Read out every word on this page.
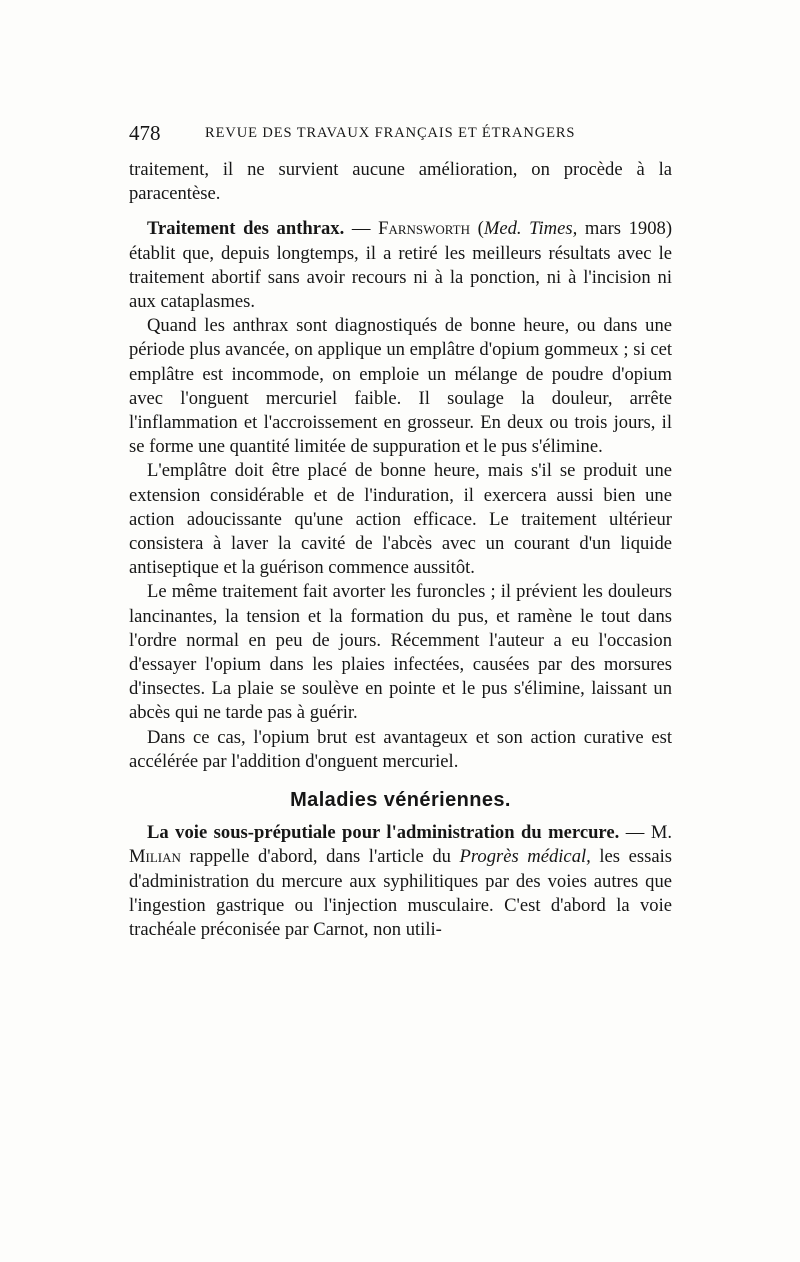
478	REVUE DES TRAVAUX FRANÇAIS ET ÉTRANGERS

traitement, il ne survient aucune amélioration, on procède à la paracentèse.

Traitement des anthrax. — Farnsworth (Med. Times, mars 1908) établit que, depuis longtemps, il a retiré les meilleurs résultats avec le traitement abortif sans avoir recours ni à la ponction, ni à l'incision ni aux cataplasmes.

Quand les anthrax sont diagnostiqués de bonne heure, ou dans une période plus avancée, on applique un emplâtre d'opium gommeux ; si cet emplâtre est incommode, on emploie un mélange de poudre d'opium avec l'onguent mercuriel faible. Il soulage la douleur, arrête l'inflammation et l'accroissement en grosseur. En deux ou trois jours, il se forme une quantité limitée de suppuration et le pus s'élimine.

L'emplâtre doit être placé de bonne heure, mais s'il se produit une extension considérable et de l'induration, il exercera aussi bien une action adoucissante qu'une action efficace. Le traitement ultérieur consistera à laver la cavité de l'abcès avec un courant d'un liquide antiseptique et la guérison commence aussitôt.

Le même traitement fait avorter les furoncles ; il prévient les douleurs lancinantes, la tension et la formation du pus, et ramène le tout dans l'ordre normal en peu de jours. Récemment l'auteur a eu l'occasion d'essayer l'opium dans les plaies infectées, causées par des morsures d'insectes. La plaie se soulève en pointe et le pus s'élimine, laissant un abcès qui ne tarde pas à guérir.

Dans ce cas, l'opium brut est avantageux et son action curative est accélérée par l'addition d'onguent mercuriel.

Maladies vénériennes.

La voie sous-préputiale pour l'administration du mercure. — M. Milian rappelle d'abord, dans l'article du Progrès médical, les essais d'administration du mercure aux syphilitiques par des voies autres que l'ingestion gastrique ou l'injection musculaire. C'est d'abord la voie trachéale préconisée par Carnot, non utili-
